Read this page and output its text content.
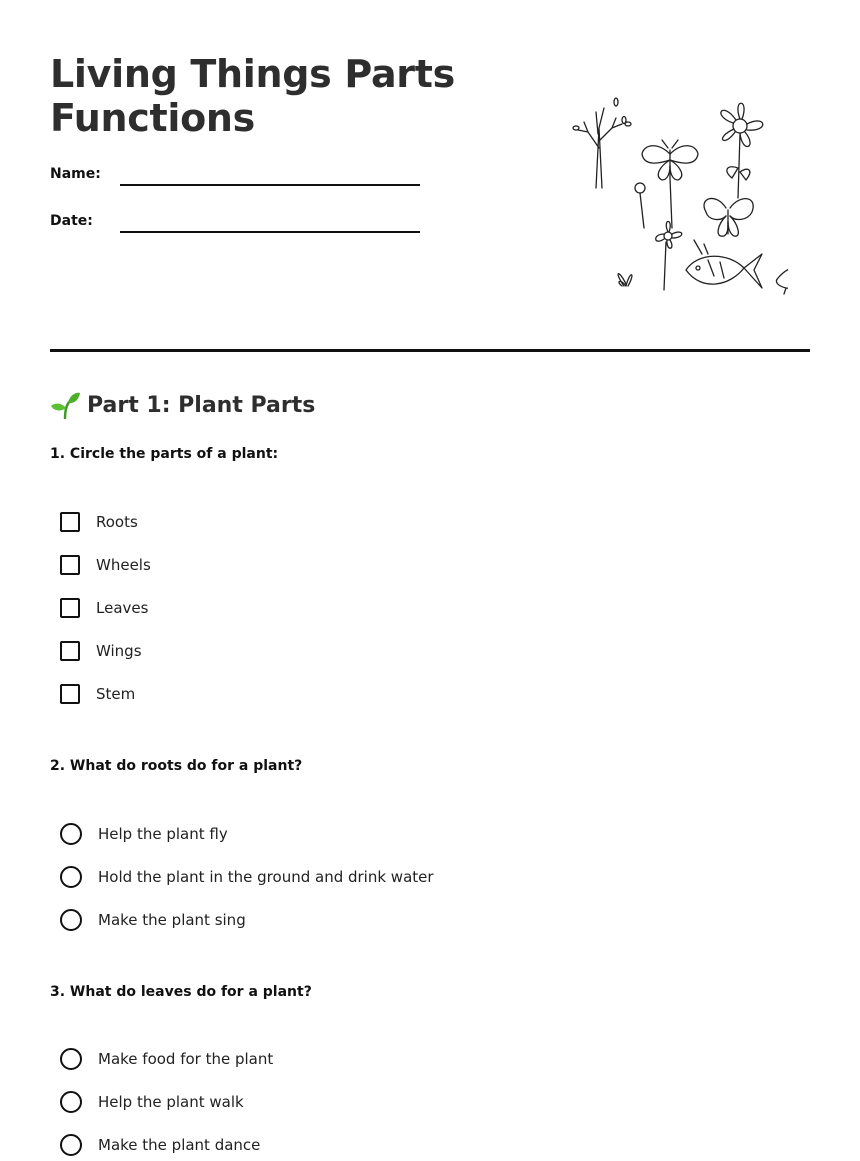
Living Things Parts Functions
Name:
Date:
Part 1: Plant Parts
1. Circle the parts of a plant:
Roots
Wheels
Leaves
Wings
Stem
2. What do roots do for a plant?
Help the plant fly
Hold the plant in the ground and drink water
Make the plant sing
3. What do leaves do for a plant?
Make food for the plant
Help the plant walk
Make the plant dance
